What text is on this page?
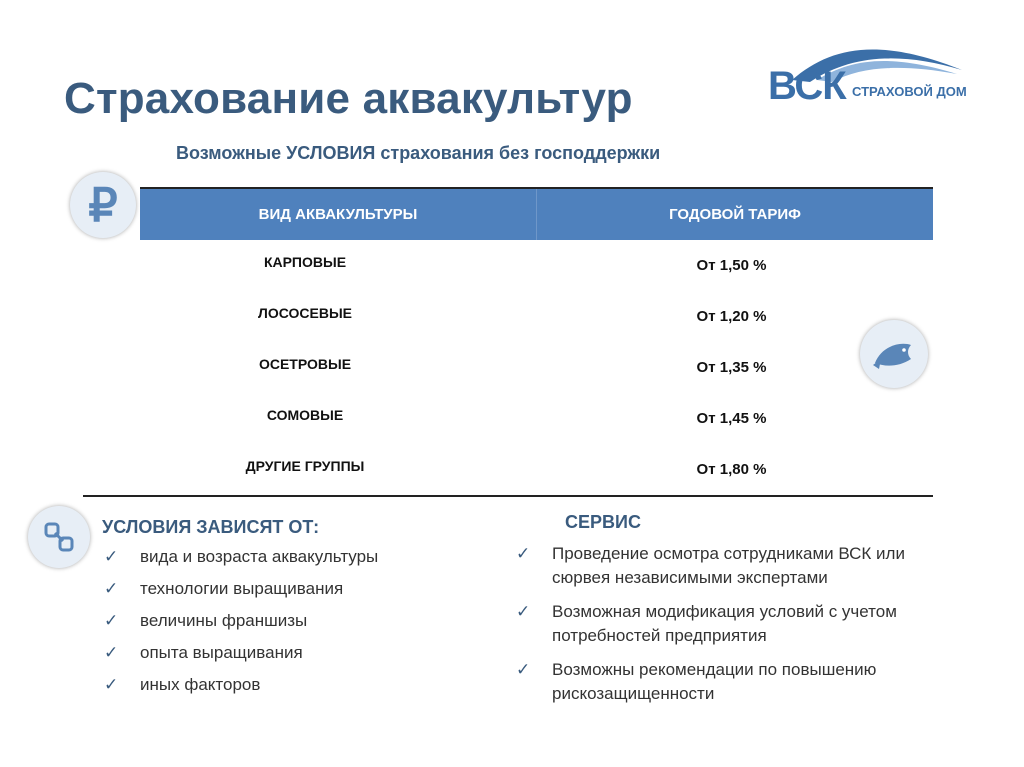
Страхование аквакультур	ВСК СТРАХОВОЙ ДОМ
Возможные УСЛОВИЯ страхования без господдержки
₽	ВИД АКВАКУЛЬТУРЫ	ГОДОВОЙ ТАРИФ
КАРПОВЫЕ	От 1,50 %
ЛОСОСЕВЫЕ	От 1,20 %
ОСЕТРОВЫЕ	От 1,35 %
СОМОВЫЕ	От 1,45 %
ДРУГИЕ ГРУППЫ	От 1,80 %
УСЛОВИЯ ЗАВИСЯТ ОТ:
✓ вида и возраста аквакультуры
✓ технологии выращивания
✓ величины франшизы
✓ опыта выращивания
✓ иных факторов
СЕРВИС
✓ Проведение осмотра сотрудниками ВСК или сюрвея независимыми экспертами
✓ Возможная модификация условий с учетом потребностей предприятия
✓ Возможны рекомендации по повышению рискозащищенности
